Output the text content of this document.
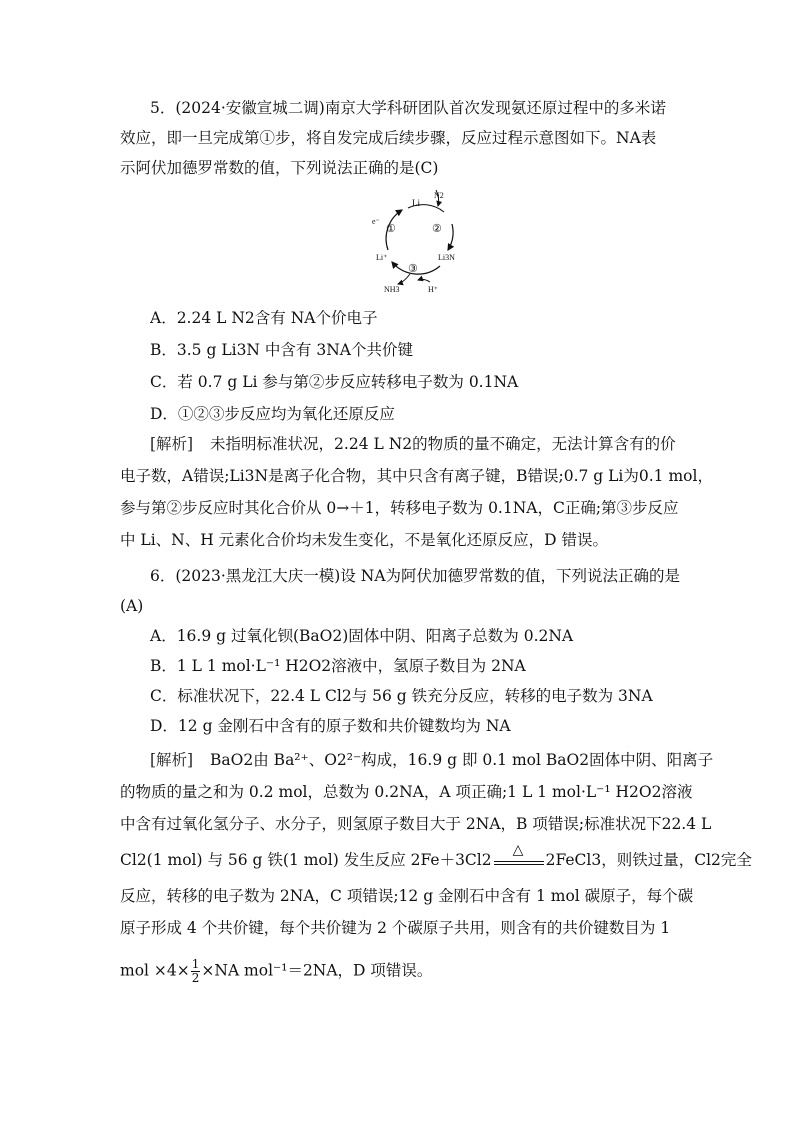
5．(2024·安徽宣城二调)南京大学科研团队首次发现氨还原过程中的多米诺
效应，即一旦完成第①步，将自发完成后续步骤，反应过程示意图如下。NA表
示阿伏加德罗常数的值，下列说法正确的是(C)
Li
N2
e⁻
①	②
③
Li⁺	Li3N
NH3	H⁺
A．2.24 L N2含有 NA个价电子
B．3.5 g Li3N 中含有 3NA个共价键
C．若 0.7 g Li 参与第②步反应转移电子数为 0.1NA
D．①②③步反应均为氧化还原反应
[解析] 未指明标准状况，2.24 L N2的物质的量不确定，无法计算含有的价
电子数，A错误;Li3N是离子化合物，其中只含有离子键，B错误;0.7 g Li为0.1 mol，
参与第②步反应时其化合价从 0→＋1，转移电子数为 0.1NA，C正确;第③步反应
中 Li、N、H 元素化合价均未发生变化，不是氧化还原反应，D 错误。
6．(2023·黑龙江大庆一模)设 NA为阿伏加德罗常数的值，下列说法正确的是
(A)
A．16.9 g 过氧化钡(BaO2)固体中阴、阳离子总数为 0.2NA
B．1 L 1 mol·L⁻¹ H2O2溶液中，氢原子数目为 2NA
C．标准状况下，22.4 L Cl2与 56 g 铁充分反应，转移的电子数为 3NA
D．12 g 金刚石中含有的原子数和共价键数均为 NA
[解析] BaO2由 Ba²⁺、O2²⁻构成，16.9 g 即 0.1 mol BaO2固体中阴、阳离子
的物质的量之和为 0.2 mol，总数为 0.2NA，A 项正确;1 L 1 mol·L⁻¹ H2O2溶液
中含有过氧化氢分子、水分子，则氢原子数目大于 2NA，B 项错误;标准状况下22.4 L
Cl2(1 mol) 与 56 g 铁(1 mol) 发生反应 2Fe＋3Cl2
△
2FeCl3，则铁过量，Cl2完全
反应，转移的电子数为 2NA，C 项错误;12 g 金刚石中含有 1 mol 碳原子，每个碳
原子形成 4 个共价键，每个共价键为 2 个碳原子共用，则含有的共价键数目为 1
mol $\times 4\times \frac{1}{2} \times NA$ mol⁻¹＝2NA，D 项错误。
